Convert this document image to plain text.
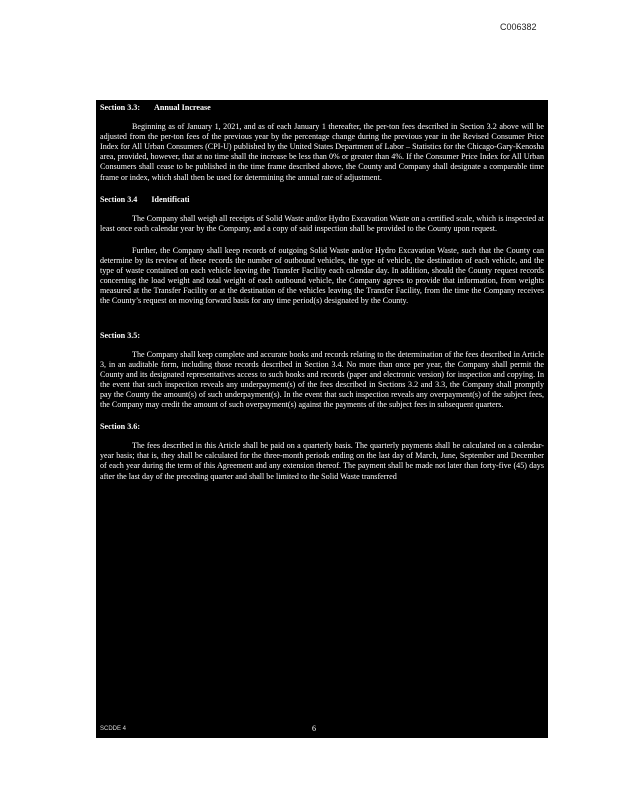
C006382

Section 3.3: Annual Increase

Beginning as of January 1, 2021, and as of each January 1 thereafter, the per-ton fees described in Section 3.2 above will be adjusted from the per-ton fees of the previous year by the percentage change during the previous year in the Revised Consumer Price Index for All Urban Consumers (CPI-U) published by the United States Department of Labor – Statistics for the Chicago-Gary-Kenosha area, provided, however, that at no time shall the increase be less than 0% or greater than 4%. If the Consumer Price Index for All Urban Consumers shall cease to be published in the time frame described above, the County and Company shall designate a comparable time frame or index, which shall then be used for determining the annual rate of adjustment.

Section 3.4 Identificati

The Company shall weigh all receipts of Solid Waste and/or Hydro Excavation Waste on a certified scale, which is inspected at least once each calendar year by the Company, and a copy of said inspection shall be provided to the County upon request.

Further, the Company shall keep records of outgoing Solid Waste and/or Hydro Excavation Waste, such that the County can determine by its review of these records the number of outbound vehicles, the type of vehicle, the destination of each vehicle, and the type of waste contained on each vehicle leaving the Transfer Facility each calendar day. In addition, should the County request records concerning the load weight and total weight of each outbound vehicle, the Company agrees to provide that information, from weights measured at the Transfer Facility or at the destination of the vehicles leaving the Transfer Facility, from the time the Company receives the County’s request on moving forward basis for any time period(s) designated by the County.

Section 3.5:

The Company shall keep complete and accurate books and records relating to the determination of the fees described in Article 3, in an auditable form, including those records described in Section 3.4. No more than once per year, the Company shall permit the County and its designated representatives access to such books and records (paper and electronic version) for inspection and copying. In the event that such inspection reveals any underpayment(s) of the fees described in Sections 3.2 and 3.3, the Company shall promptly pay the County the amount(s) of such underpayment(s). In the event that such inspection reveals any overpayment(s) of the subject fees, the Company may credit the amount of such overpayment(s) against the payments of the subject fees in subsequent quarters.

Section 3.6:

The fees described in this Article shall be paid on a quarterly basis. The quarterly payments shall be calculated on a calendar-year basis; that is, they shall be calculated for the three-month periods ending on the last day of March, June, September and December of each year during the term of this Agreement and any extension thereof. The payment shall be made not later than forty-five (45) days after the last day of the preceding quarter and shall be limited to the Solid Waste transferred

SCDDE 4	6
